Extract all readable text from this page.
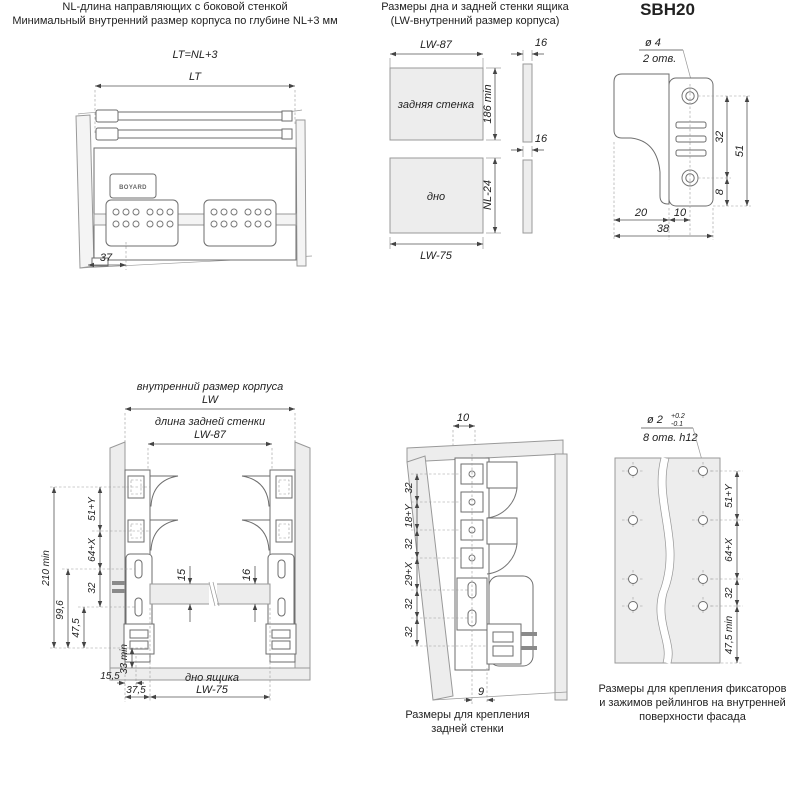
NL-длина направляющих с боковой стенкой

Минимальный внутренний размер корпуса по глубине NL+3 мм

LT=NL+3
LT
BOYARD
37

Размеры дна и задней стенки ящика

(LW-внутренний размер корпуса)

LW-87
задняя стенка 186 min
16
дно	NL-24
LW-75
16

SBH20

ø 4
2 отв.
32
8
51
20 10
38
внутренний размер корпуса
LW
длина задней стенки
LW-87
15	16
210 min
51+Y
64+X
32
99,6
47,5
33 min
15,5
37,5
дно ящика
LW-75
10
32
18+Y
32
29+X
32
32
9

Размеры для крепления

задней стенки

ø 2 +0.2
-0.1
8 отв. h12
51+Y
64+X
32
47,5 min

Размеры для крепления фиксаторов

и зажимов рейлингов на внутренней

поверхности фасада
